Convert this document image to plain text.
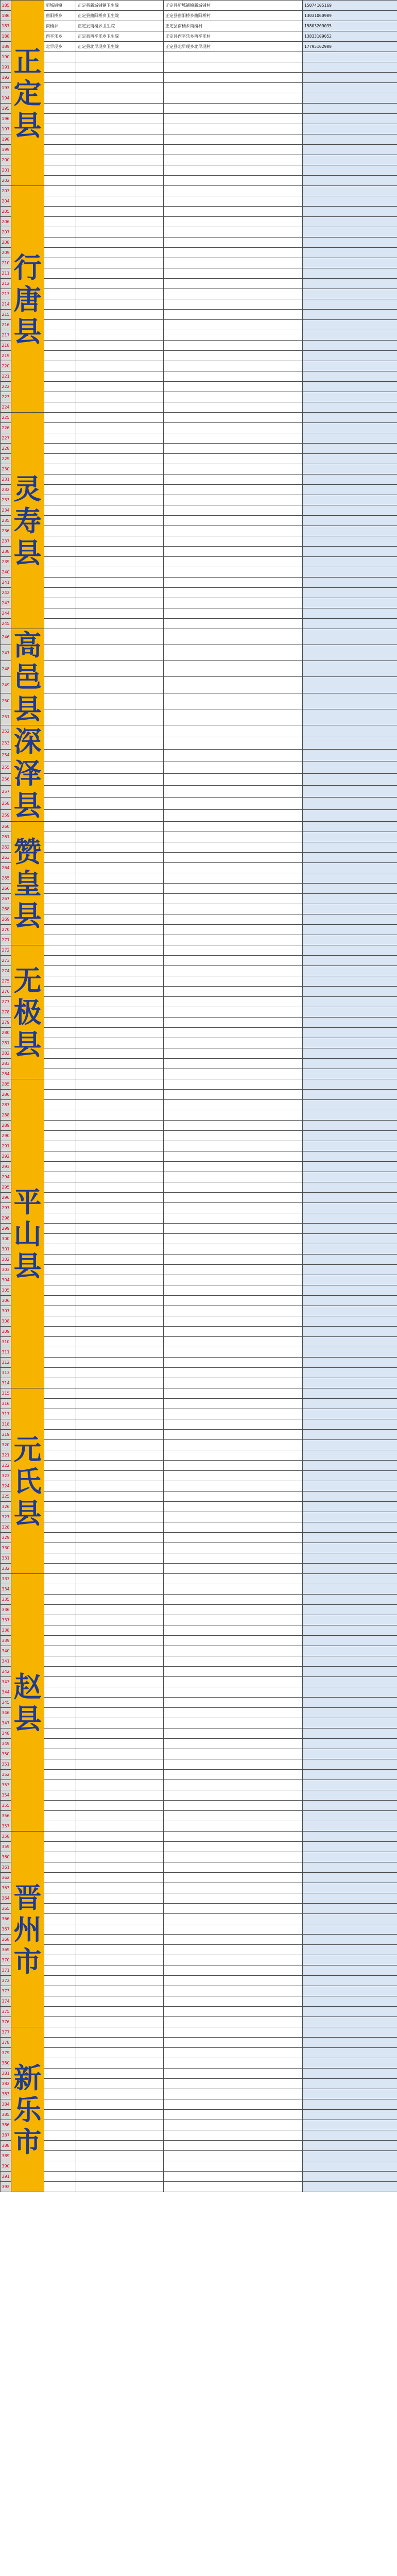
185	正定县	新城铺镇	正定县新城铺镇卫生院	正定县新城铺镇新城铺村	15074105169
186		曲阳桥乡	正定县曲阳桥乡卫生院	正定县曲阳桥乡曲阳桥村	13031060909
187		南楼乡	正定县南楼乡卫生院	正定县南楼乡南楼村	15803209035
188		西平乐乡	正定县西平乐乡卫生院	正定县西平乐乡西平乐村	13833109052
189		北早现乡	正定县北早现乡卫生院	正定县北早现乡北早现村	17795162900
190					
191					
192					
193					
194					
195					
196					
197					
198					
199					
200					
201					
202					
203	行唐县				
204					
205					
206					
207					
208					
209					
210					
211					
212					
213					
214					
215					
216					
217					
218					
219					
220					
221					
222					
223					
224					
225	灵寿县				
226					
227					
228					
229					
230					
231					
232					
233					
234					
235					
236					
237					
238					
239					
240					
241					
242					
243					
244					
245					
246	高邑县				
247					
248					
249					
250					
251					
252	深泽县				
253					
254					
255					
256					
257					
258					
259					
260	赞皇县				
261					
262					
263					
264					
265					
266					
267					
268					
269					
270					
271					
272	无极县				
273					
274					
275					
276					
277					
278					
279					
280					
281					
282					
283					
284					
285	平山县				
286					
287					
288					
289					
290					
291					
292					
293					
294					
295					
296					
297					
298					
299					
300					
301					
302					
303					
304					
305					
306					
307					
308					
309					
310					
311					
312					
313					
314					
315	元氏县				
316					
317					
318					
319					
320					
321					
322					
323					
324					
325					
326					
327					
328					
329					
330					
331					
332					
333	赵县				
334					
335					
336					
337					
338					
339					
340					
341					
342					
343					
344					
345					
346					
347					
348					
349					
350					
351					
352					
353					
354					
355					
356					
357					
358	晋州市				
359					
360					
361					
362					
363					
364					
365					
366					
367					
368					
369					
370					
371					
372					
373					
374					
375					
376					
377	新乐市				
378					
379					
380					
381					
382					
383					
384					
385					
386					
387					
388					
389					
390					
391					
392					
